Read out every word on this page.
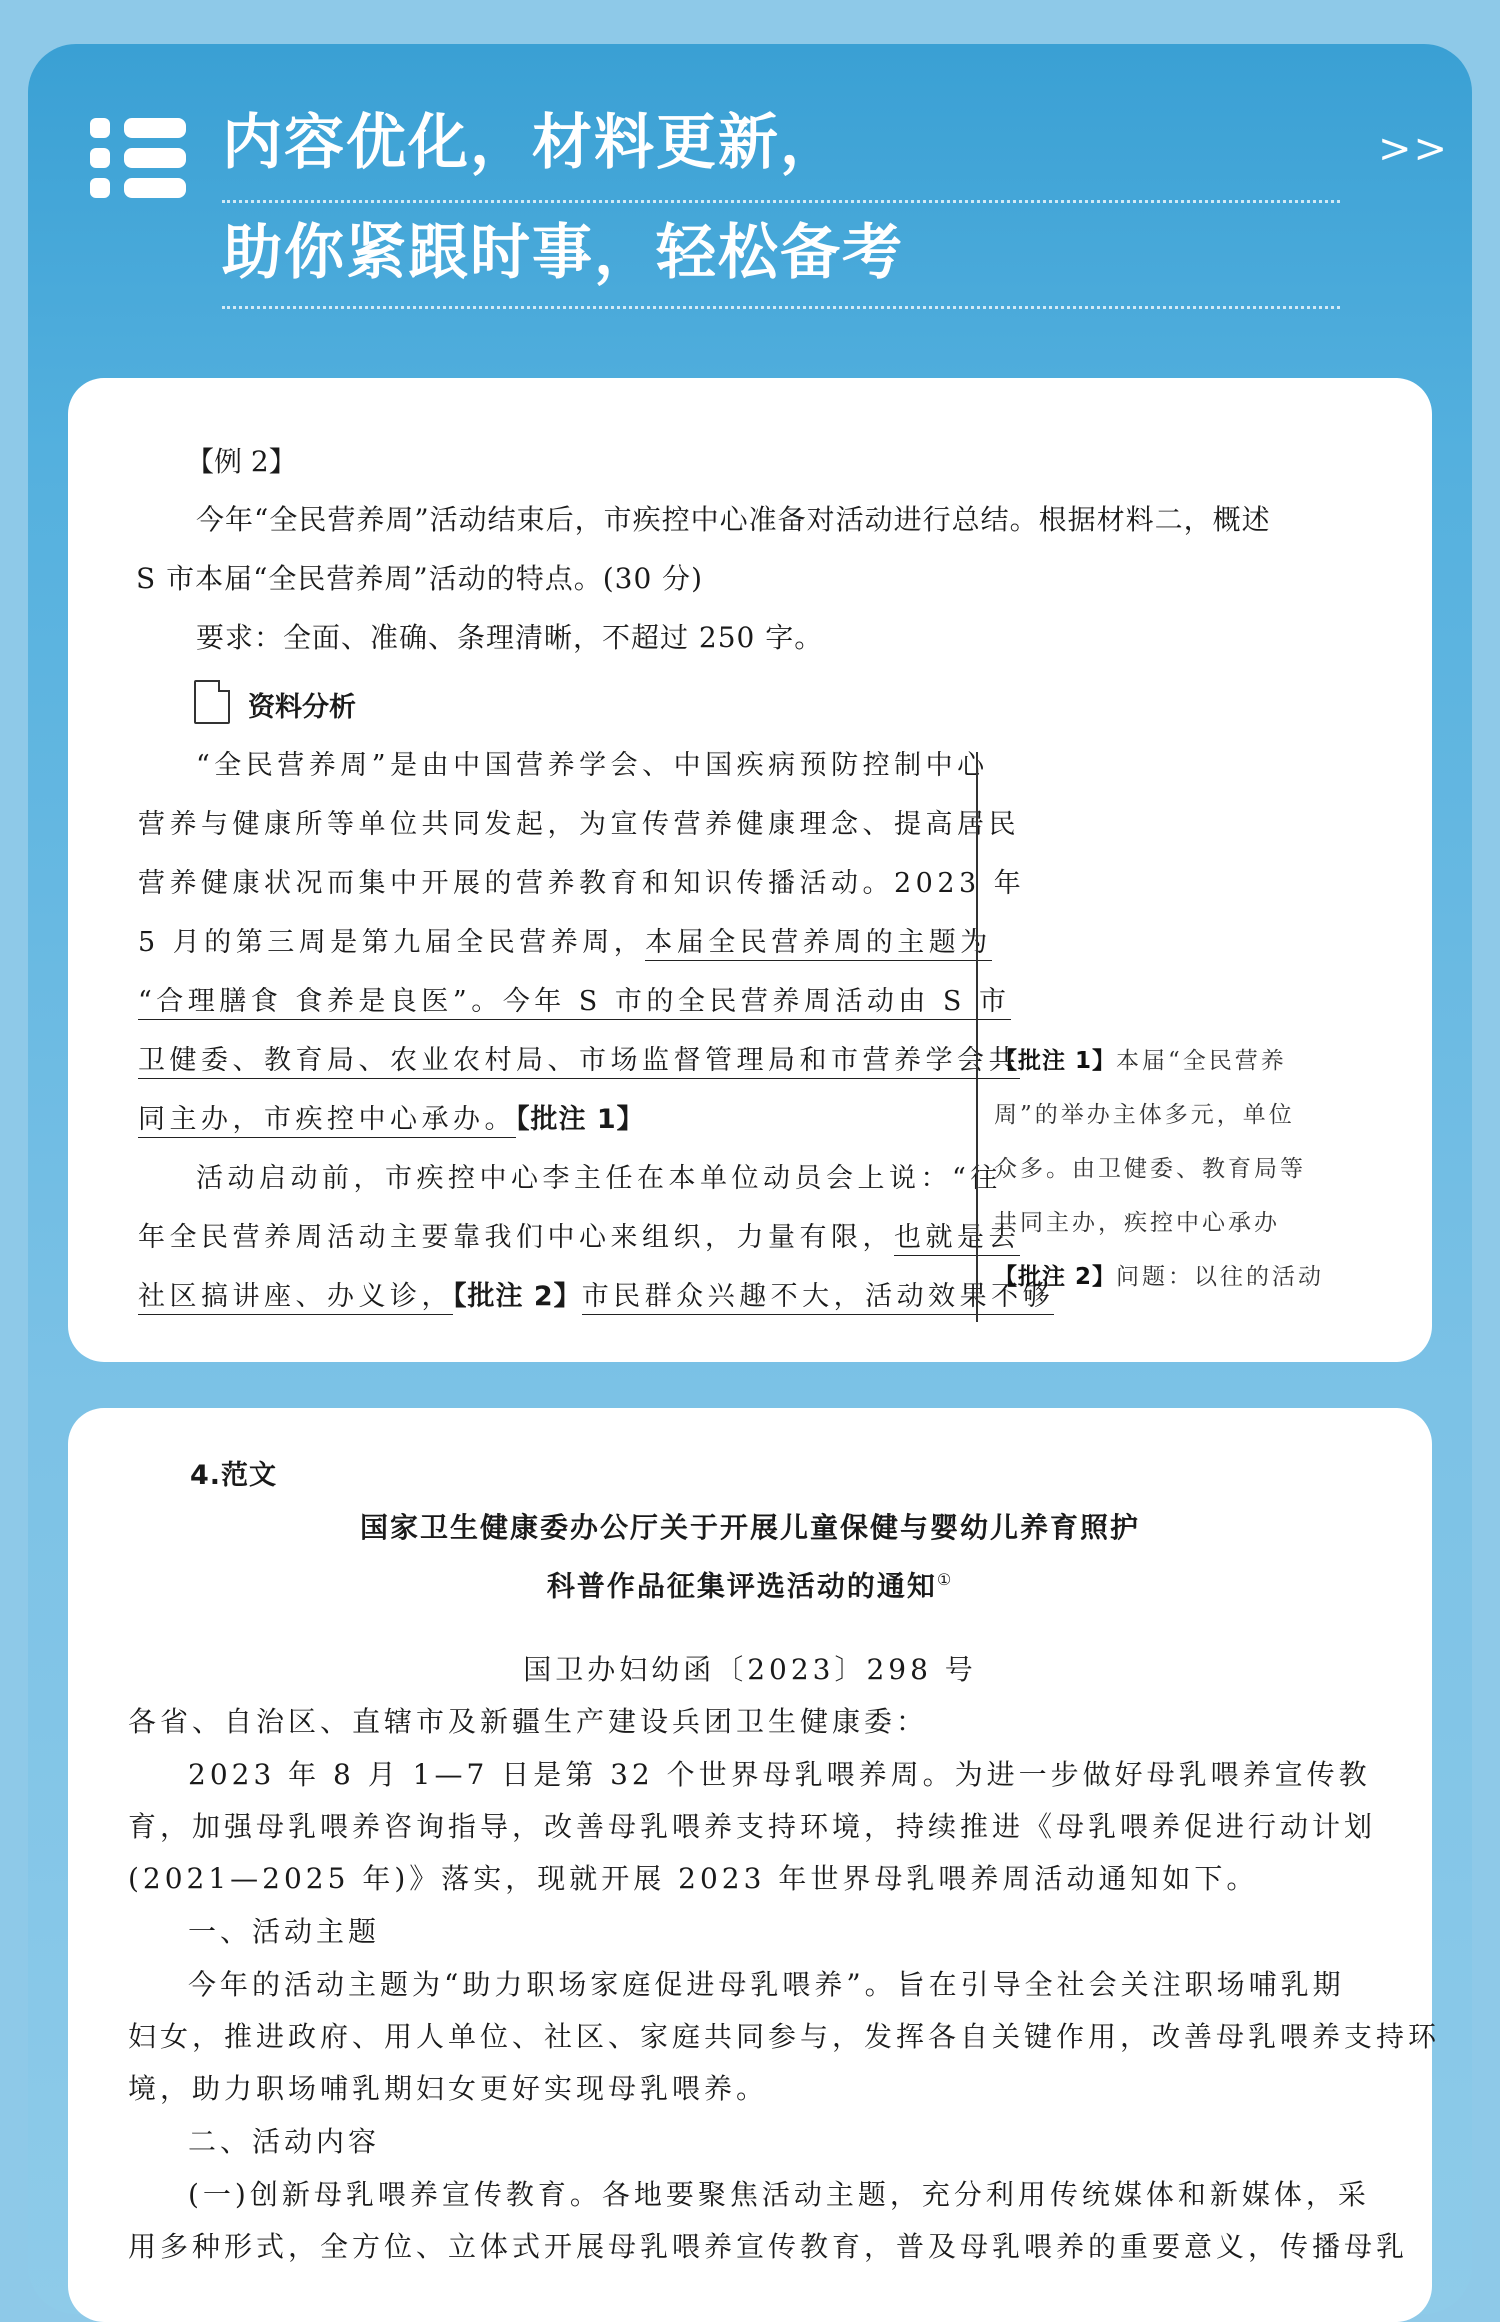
内容优化，材料更新，
助你紧跟时事，轻松备考
>>
【例 2】
今年“全民营养周”活动结束后，市疾控中心准备对活动进行总结。根据材料二，概述
S 市本届“全民营养周”活动的特点。(30 分)
要求：全面、准确、条理清晰，不超过 250 字。
资料分析
“全民营养周”是由中国营养学会、中国疾病预防控制中心
营养与健康所等单位共同发起，为宣传营养健康理念、提高居民
营养健康状况而集中开展的营养教育和知识传播活动。2023 年
5 月的第三周是第九届全民营养周，本届全民营养周的主题为
“合理膳食 食养是良医”。今年 S 市的全民营养周活动由 S 市
卫健委、教育局、农业农村局、市场监督管理局和市营养学会共
同主办，市疾控中心承办。【批注 1】
活动启动前，市疾控中心李主任在本单位动员会上说：“往
年全民营养周活动主要靠我们中心来组织，力量有限，也就是去
社区搞讲座、办义诊，【批注 2】市民群众兴趣不大，活动效果不够
【批注 1】本届“全民营养
周”的举办主体多元，单位
众多。由卫健委、教育局等
共同主办，疾控中心承办
【批注 2】问题：以往的活动
4.范文
国家卫生健康委办公厅关于开展儿童保健与婴幼儿养育照护
科普作品征集评选活动的通知①
国卫办妇幼函〔2023〕298 号
各省、自治区、直辖市及新疆生产建设兵团卫生健康委：
2023 年 8 月 1—7 日是第 32 个世界母乳喂养周。为进一步做好母乳喂养宣传教
育，加强母乳喂养咨询指导，改善母乳喂养支持环境，持续推进《母乳喂养促进行动计划
(2021—2025 年)》落实，现就开展 2023 年世界母乳喂养周活动通知如下。
一、活动主题
今年的活动主题为“助力职场家庭促进母乳喂养”。旨在引导全社会关注职场哺乳期
妇女，推进政府、用人单位、社区、家庭共同参与，发挥各自关键作用，改善母乳喂养支持环
境，助力职场哺乳期妇女更好实现母乳喂养。
二、活动内容
(一)创新母乳喂养宣传教育。各地要聚焦活动主题，充分利用传统媒体和新媒体，采
用多种形式，全方位、立体式开展母乳喂养宣传教育，普及母乳喂养的重要意义，传播母乳
